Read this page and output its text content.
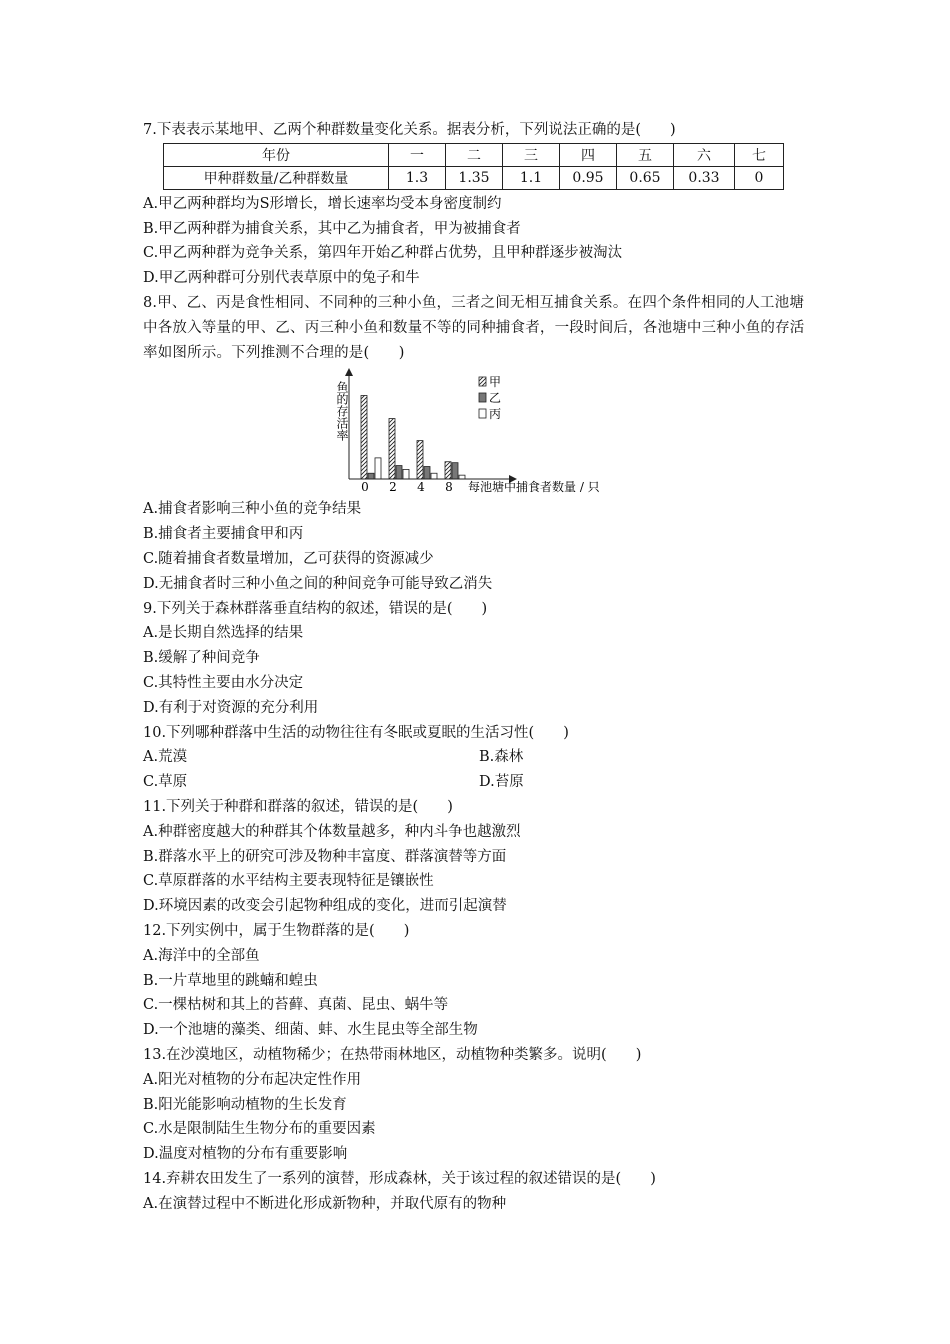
7.下表表示某地甲、乙两个种群数量变化关系。据表分析，下列说法正确的是(　　)
年份	一	二	三	四	五	六	七
甲种群数量/乙种群数量	1.3	1.35	1.1	0.95	0.65	0.33	0
A.甲乙两种群均为S形增长，增长速率均受本身密度制约
B.甲乙两种群为捕食关系，其中乙为捕食者，甲为被捕食者
C.甲乙两种群为竞争关系，第四年开始乙种群占优势，且甲种群逐步被淘汰
D.甲乙两种群可分别代表草原中的兔子和牛
8.甲、乙、丙是食性相同、不同种的三种小鱼，三者之间无相互捕食关系。在四个条件相同的人工池塘中各放入等量的甲、乙、丙三种小鱼和数量不等的同种捕食者，一段时间后，各池塘中三种小鱼的存活率如图所示。下列推测不合理的是(　　)
鱼的存活率
每池塘中捕食者数量 / 只
0 2 4 8
甲
乙
丙
A.捕食者影响三种小鱼的竞争结果
B.捕食者主要捕食甲和丙
C.随着捕食者数量增加，乙可获得的资源减少
D.无捕食者时三种小鱼之间的种间竞争可能导致乙消失
9.下列关于森林群落垂直结构的叙述，错误的是(　　)
A.是长期自然选择的结果
B.缓解了种间竞争
C.其特性主要由水分决定
D.有利于对资源的充分利用
10.下列哪种群落中生活的动物往往有冬眠或夏眠的生活习性(　　)
A.荒漠	B.森林
C.草原	D.苔原
11.下列关于种群和群落的叙述，错误的是(　　)
A.种群密度越大的种群其个体数量越多，种内斗争也越激烈
B.群落水平上的研究可涉及物种丰富度、群落演替等方面
C.草原群落的水平结构主要表现特征是镶嵌性
D.环境因素的改变会引起物种组成的变化，进而引起演替
12.下列实例中，属于生物群落的是(　　)
A.海洋中的全部鱼
B.一片草地里的跳蝻和蝗虫
C.一棵枯树和其上的苔藓、真菌、昆虫、蜗牛等
D.一个池塘的藻类、细菌、蚌、水生昆虫等全部生物
13.在沙漠地区，动植物稀少；在热带雨林地区，动植物种类繁多。说明(　　)
A.阳光对植物的分布起决定性作用
B.阳光能影响动植物的生长发育
C.水是限制陆生生物分布的重要因素
D.温度对植物的分布有重要影响
14.弃耕农田发生了一系列的演替，形成森林，关于该过程的叙述错误的是(　　)
A.在演替过程中不断进化形成新物种，并取代原有的物种
